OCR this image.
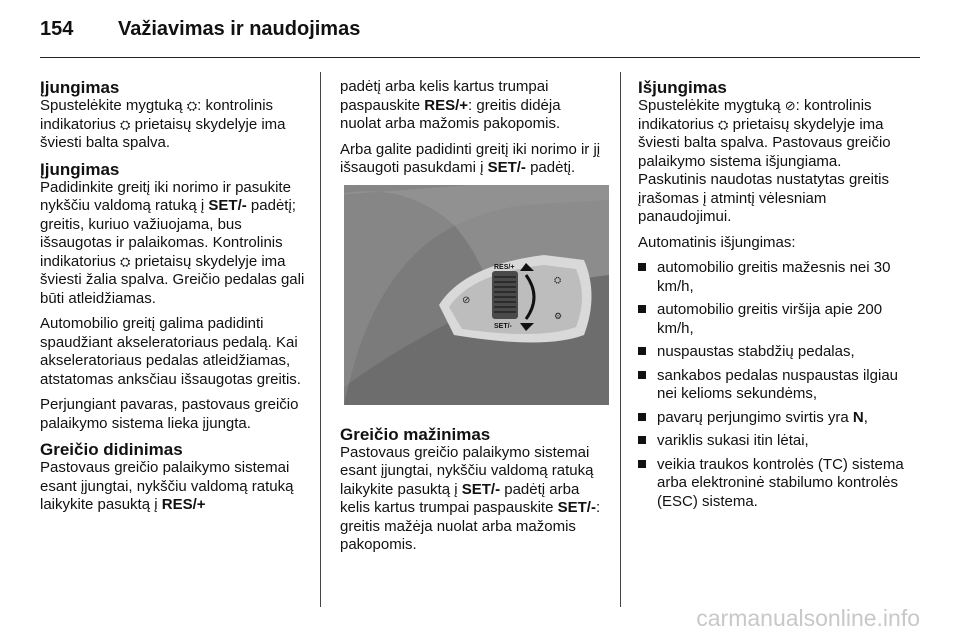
154 Važiavimas ir naudojimas
Įjungimas

Spustelėkite mygtuką ⛭: kontrolinis indikatorius ⛭ prietaisų skydelyje ima šviesti balta spalva.

Įjungimas

Padidinkite greitį iki norimo ir pasukite nykščiu valdomą ratuką į SET/- padėtį; greitis, kuriuo važiuojama, bus išsaugotas ir palaikomas. Kontrolinis indikatorius ⛭ prietaisų skydelyje ima šviesti žalia spalva. Greičio pedalas gali būti atleidžiamas.

Automobilio greitį galima padidinti spaudžiant akseleratoriaus pedalą. Kai akseleratoriaus pedalas atleidžiamas, atstatomas anksčiau išsaugotas greitis.

Perjungiant pavaras, pastovaus greičio palaikymo sistema lieka įjungta.

Greičio didinimas

Pastovaus greičio palaikymo sistemai esant įjungtai, nykščiu valdomą ratuką laikykite pasuktą į RES/+

padėtį arba kelis kartus trumpai paspauskite RES/+: greitis didėja nuolat arba mažomis pakopomis.

Arba galite padidinti greitį iki norimo ir jį išsaugoti pasukdami į SET/- padėtį.

RES/+
SET/-
⊘
⛭
⚙
Greičio mažinimas

Pastovaus greičio palaikymo sistemai esant įjungtai, nykščiu valdomą ratuką laikykite pasuktą į SET/- padėtį arba kelis kartus trumpai paspauskite SET/-: greitis mažėja nuolat arba mažomis pakopomis.

Išjungimas

Spustelėkite mygtuką ⊘: kontrolinis indikatorius ⛭ prietaisų skydelyje ima šviesti balta spalva. Pastovaus greičio palaikymo sistema išjungiama. Paskutinis naudotas nustatytas greitis įrašomas į atmintį vėlesniam panaudojimui.

Automatinis išjungimas:

automobilio greitis mažesnis nei 30 km/h,
automobilio greitis viršija apie 200 km/h,
nuspaustas stabdžių pedalas,
sankabos pedalas nuspaustas ilgiau nei kelioms sekundėms,
pavarų perjungimo svirtis yra N,
variklis sukasi itin lėtai,
veikia traukos kontrolės (TC) sistema arba elektroninė stabilumo kontrolės (ESC) sistema.
carmanualsonline.info
